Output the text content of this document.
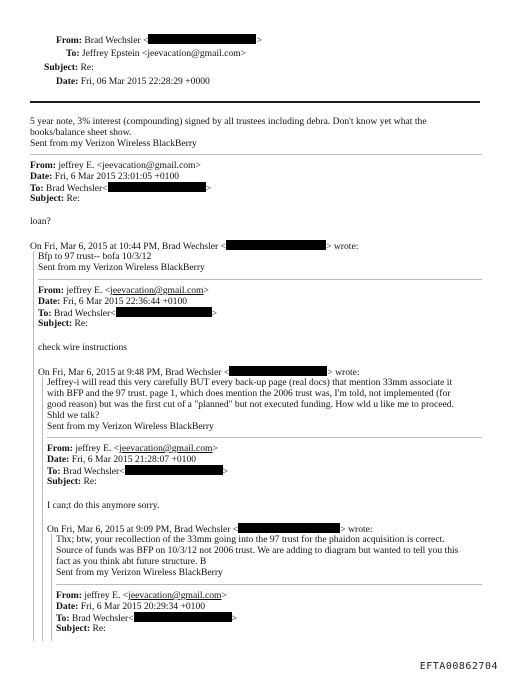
From: Brad Wechsler <	>
To: Jeffrey Epstein <jeevacation@gmail.com>
Subject: Re:
Date: Fri, 06 Mar 2015 22:28:29 +0000
5 year note, 3% interest (compounding) signed by all trustees including debra. Don't know yet what the
books/balance sheet show.
Sent from my Verizon Wireless BlackBerry
From: jeffrey E. <jeevacation@gmail.com>
Date: Fri, 6 Mar 2015 23:01:05 +0100
To: Brad Wechsler<	>
Subject: Re:
loan?
On Fri, Mar 6, 2015 at 10:44 PM, Brad Wechsler <	> wrote:
Bfp to 97 trust-- bofa 10/3/12
Sent from my Verizon Wireless BlackBerry
From: jeffrey E. <jeevacation@gmail.com>
Date: Fri, 6 Mar 2015 22:36:44 +0100
To: Brad Wechsler<	>
Subject: Re:
check wire instructions
On Fri, Mar 6, 2015 at 9:48 PM, Brad Wechsler <	> wrote:
Jeffrey-i will read this very carefully BUT every back-up page (real docs) that mention 33mm associate it
with BFP and the 97 trust. page 1, which does mention the 2006 trust was, I'm told, not implemented (for
good reason) but was the first cut of a "planned" but not executed funding. How wld u like me to proceed.
Shld we talk?
Sent from my Verizon Wireless BlackBerry
From: jeffrey E. <jeevacation@gmail.com>
Date: Fri, 6 Mar 2015 21:28:07 +0100
To: Brad Wechsler<	>
Subject: Re:
I can;t do this anymore sorry.
On Fri, Mar 6, 2015 at 9:09 PM, Brad Wechsler <	> wrote:
Thx; btw, your recollection of the 33mm going into the 97 trust for the phaidon acquisition is correct.
Source of funds was BFP on 10/3/12 not 2006 trust. We are adding to diagram but wanted to tell you this
fact as you think abt future structure. B
Sent from my Verizon Wireless BlackBerry
From: jeffrey E. <jeevacation@gmail.com>
Date: Fri, 6 Mar 2015 20:29:34 +0100
To: Brad Wechsler<	>
Subject: Re:
EFTA00862704
